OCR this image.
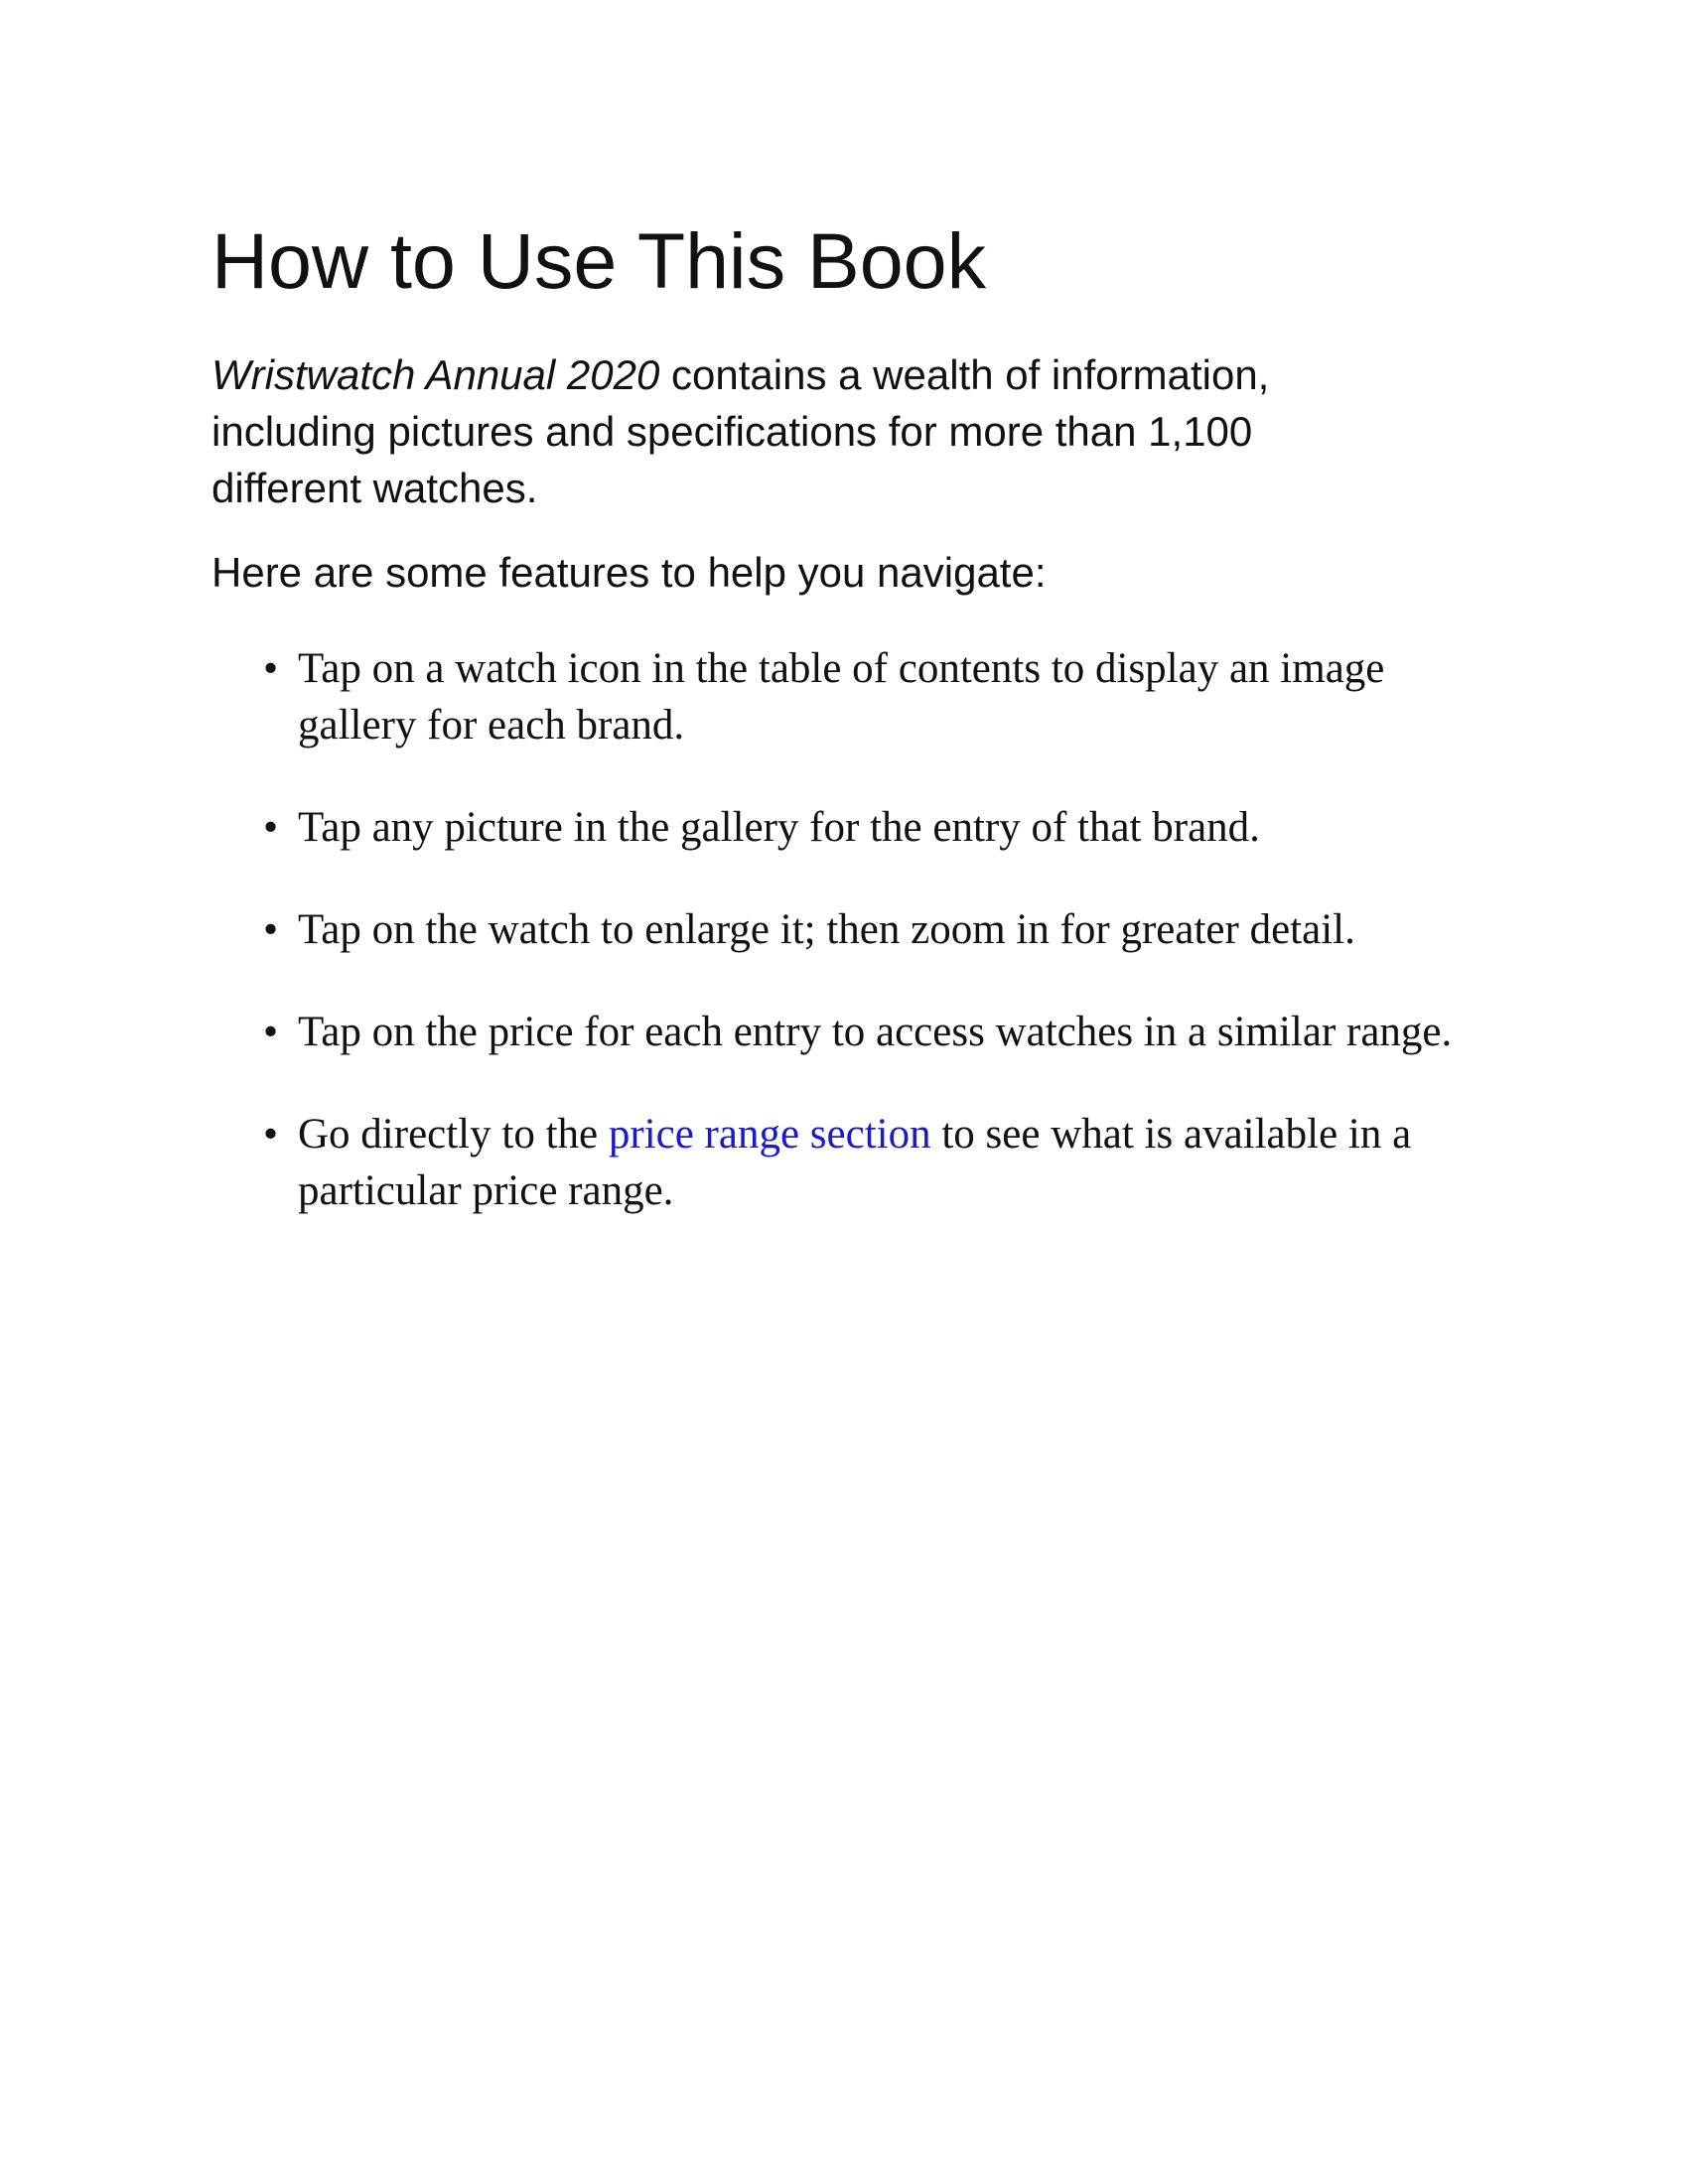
How to Use This Book

Wristwatch Annual 2020 contains a wealth of information, including pictures and specifications for more than 1,100 different watches.

Here are some features to help you navigate:

• Tap on a watch icon in the table of contents to display an image gallery for each brand.
• Tap any picture in the gallery for the entry of that brand.
• Tap on the watch to enlarge it; then zoom in for greater detail.
• Tap on the price for each entry to access watches in a similar range.
• Go directly to the price range section to see what is available in a particular price range.
